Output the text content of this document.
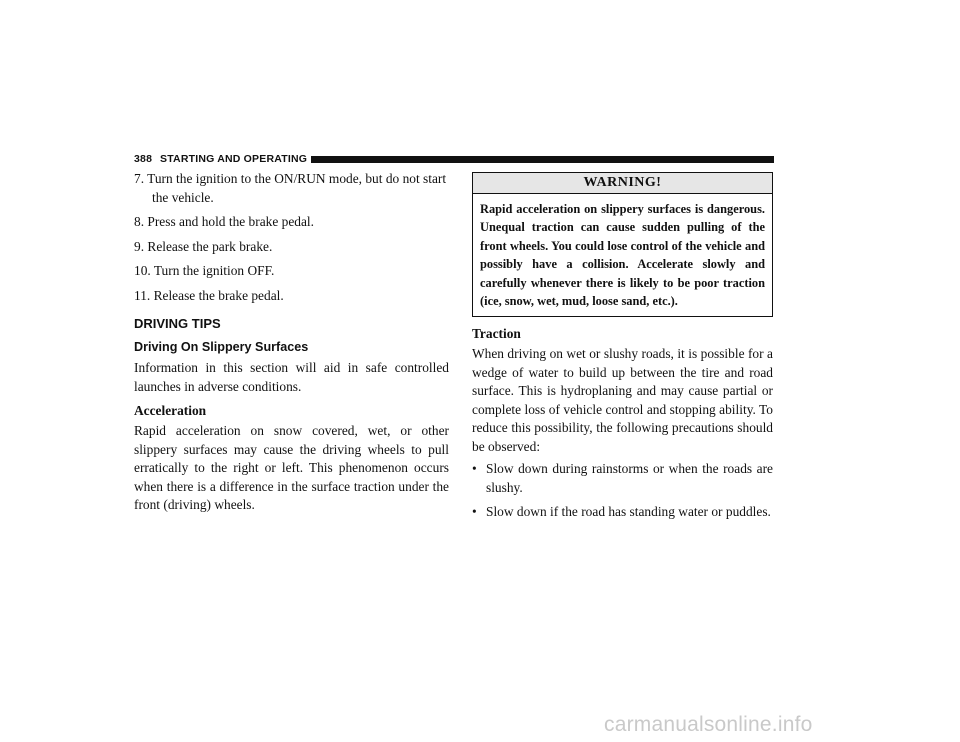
388 STARTING AND OPERATING
7. Turn the ignition to the ON/RUN mode, but do not start the vehicle.
8. Press and hold the brake pedal.
9. Release the park brake.
10. Turn the ignition OFF.
11. Release the brake pedal.
DRIVING TIPS
Driving On Slippery Surfaces

Information in this section will aid in safe controlled launches in adverse conditions.

Acceleration

Rapid acceleration on snow covered, wet, or other slippery surfaces may cause the driving wheels to pull erratically to the right or left. This phenomenon occurs when there is a difference in the surface traction under the front (driving) wheels.

WARNING!
Rapid acceleration on slippery surfaces is dangerous. Unequal traction can cause sudden pulling of the front wheels. You could lose control of the vehicle and possibly have a collision. Accelerate slowly and carefully whenever there is likely to be poor traction (ice, snow, wet, mud, loose sand, etc.).
Traction

When driving on wet or slushy roads, it is possible for a wedge of water to build up between the tire and road surface. This is hydroplaning and may cause partial or complete loss of vehicle control and stopping ability. To reduce this possibility, the following precautions should be observed:

• Slow down during rainstorms or when the roads are slushy.
• Slow down if the road has standing water or puddles.
carmanualsonline.info
